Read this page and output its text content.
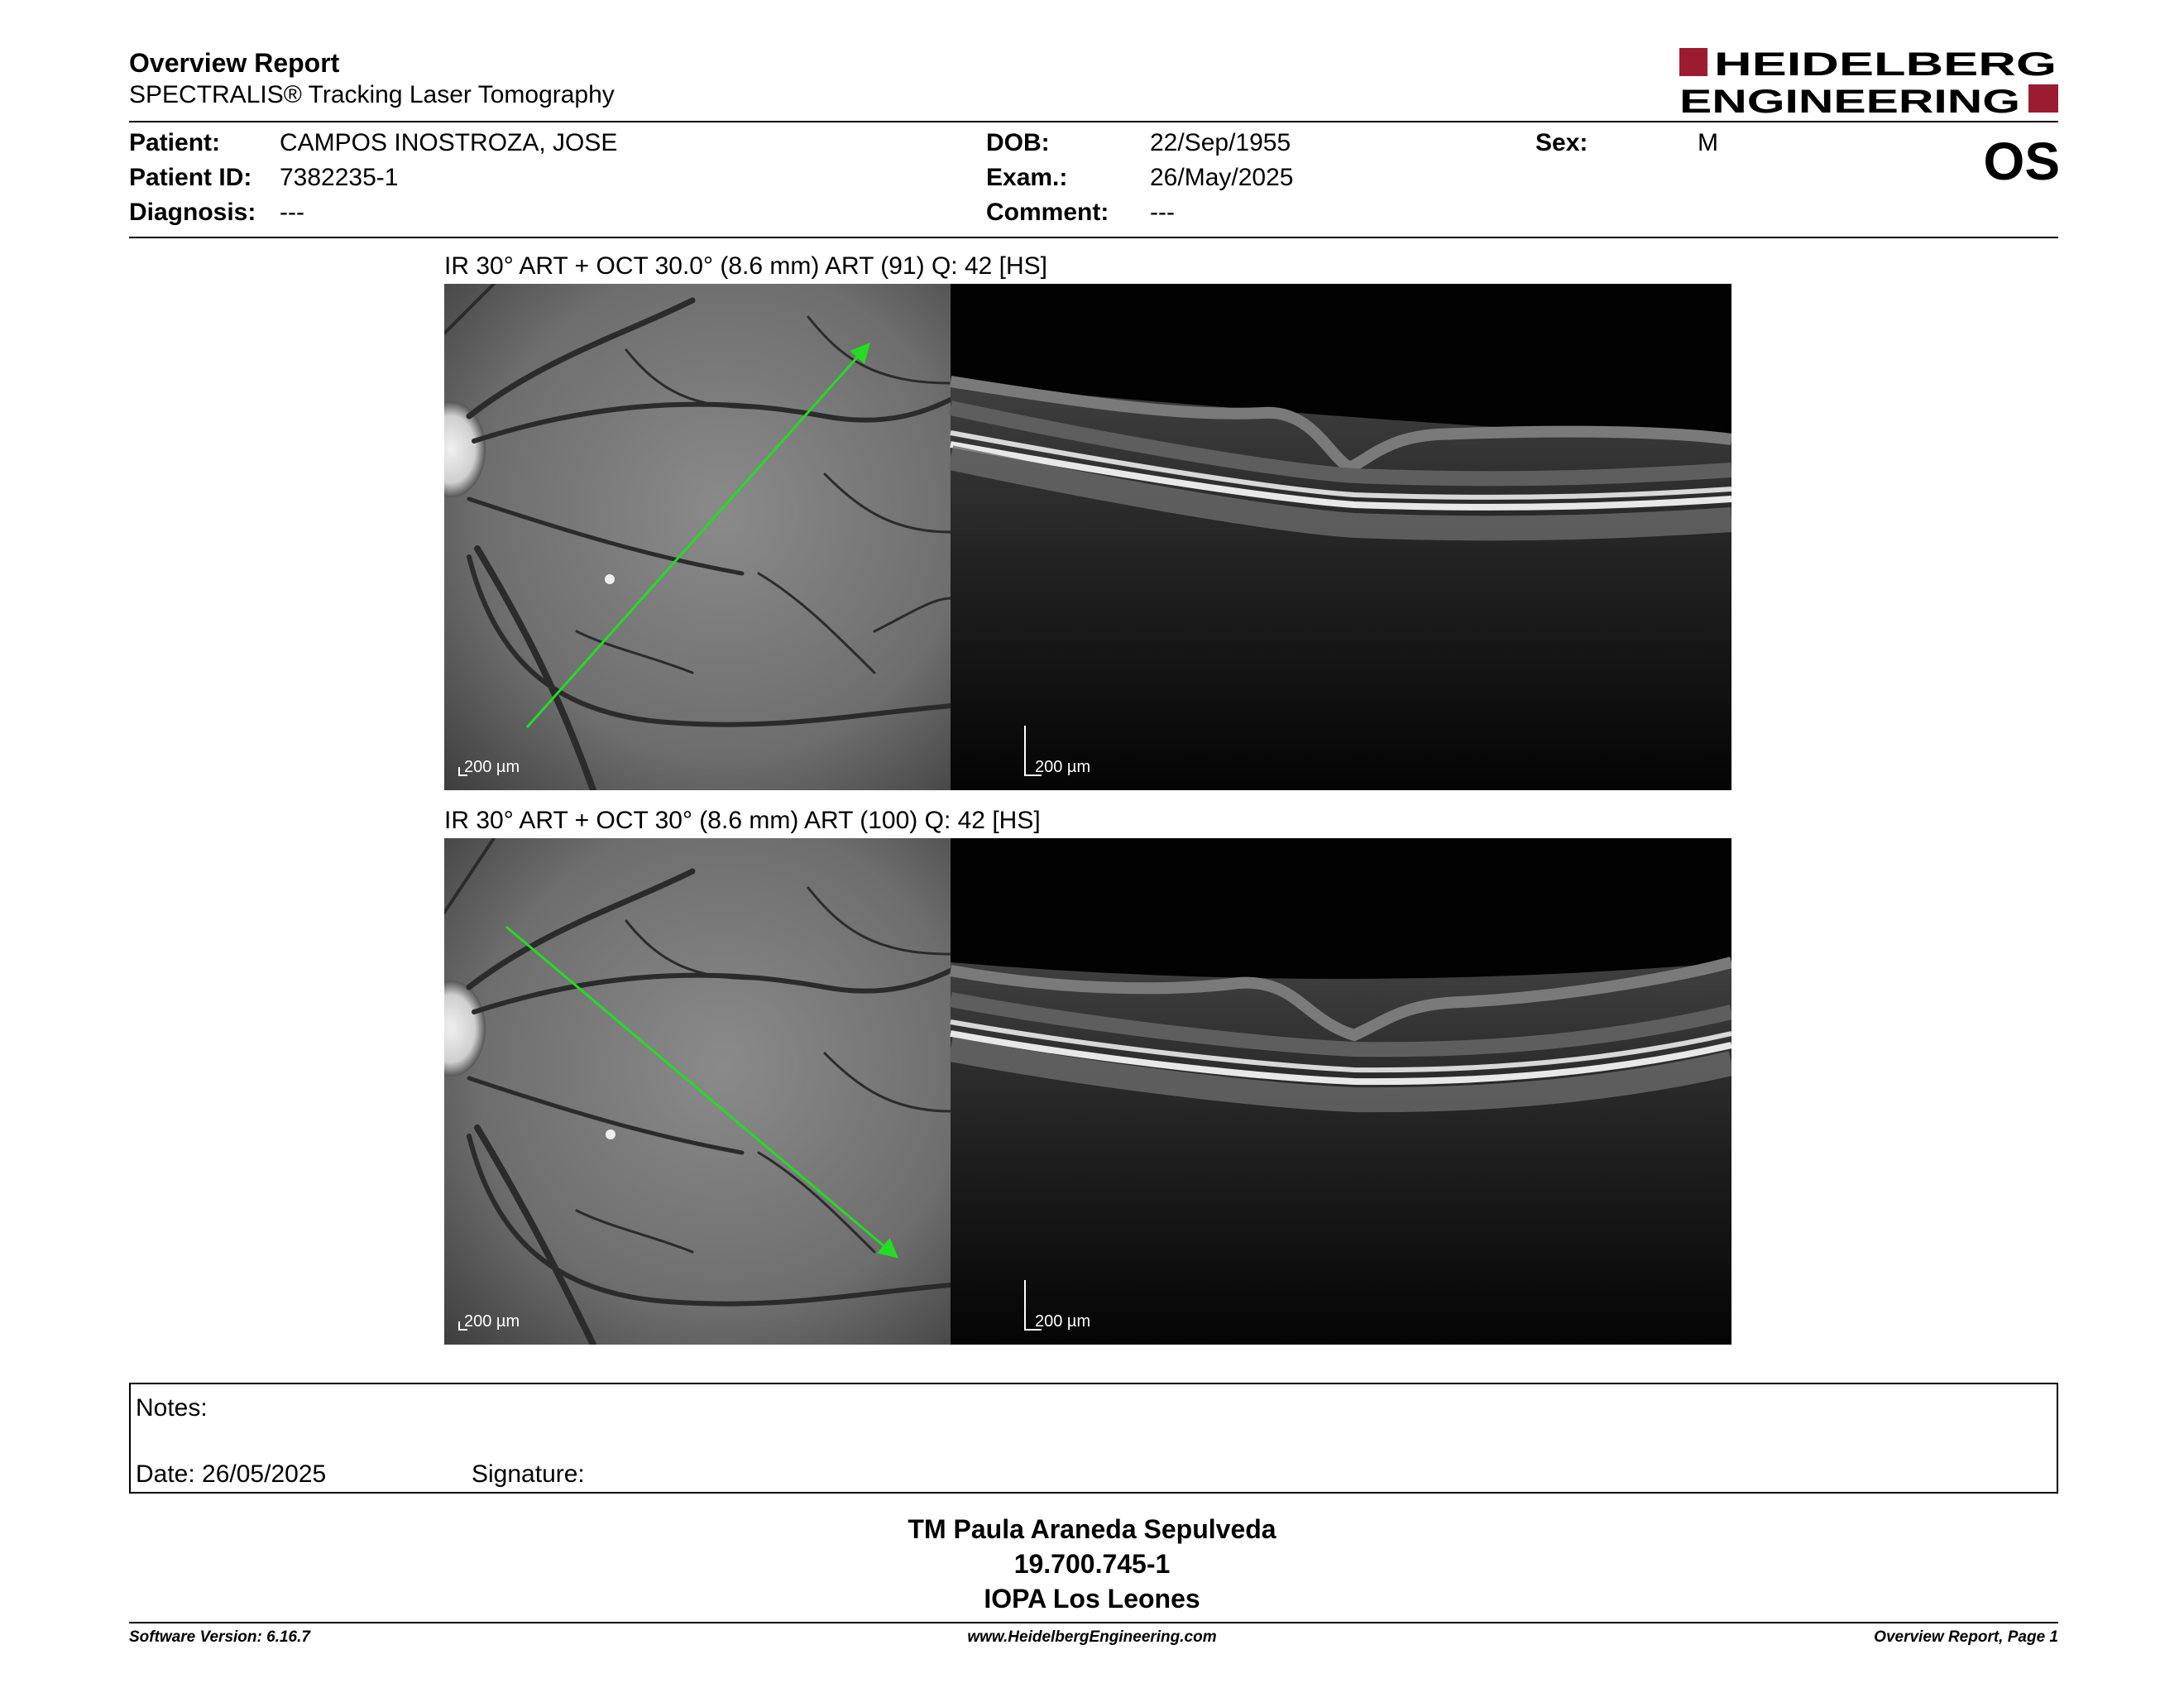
Overview Report
SPECTRALIS® Tracking Laser Tomography
HEIDELBERG
ENGINEERING
Patient: CAMPOS INOSTROZA, JOSE
Patient ID: 7382235-1
Diagnosis: ---
DOB:	22/Sep/1955
Exam.:	26/May/2025
Comment: ---
Sex:	M	OS
IR 30° ART + OCT 30.0° (8.6 mm) ART (91) Q: 42 [HS]
200 µm	200 µm
IR 30° ART + OCT 30° (8.6 mm) ART (100) Q: 42 [HS]
200 µm	200 µm
Notes:
Date: 26/05/2025	Signature:
TM Paula Araneda Sepulveda
19.700.745-1
IOPA Los Leones
Software Version: 6.16.7	www.HeidelbergEngineering.com	Overview Report, Page 1
